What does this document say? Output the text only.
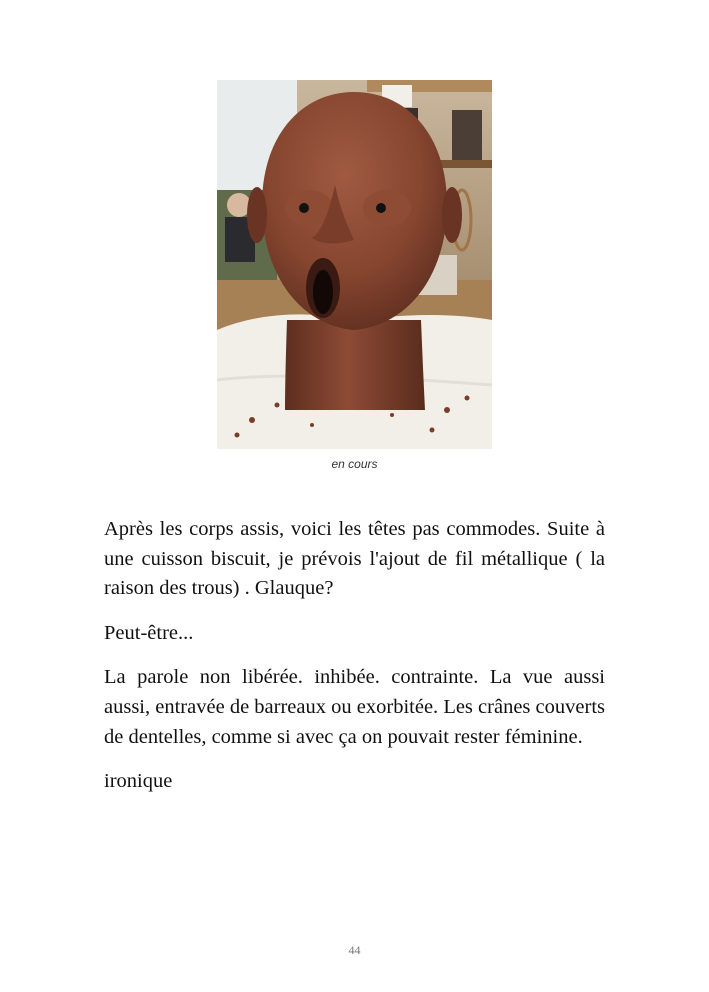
en cours

Après les corps assis, voici les têtes pas commodes. Suite à une cuisson biscuit, je prévois l'ajout de fil métallique ( la raison des trous) . Glauque?

Peut-être...

La parole non libérée. inhibée. contrainte. La vue aussi aussi, entravée de barreaux ou exorbitée. Les crânes couverts de dentelles, comme si avec ça on pouvait rester féminine.

ironique

44
